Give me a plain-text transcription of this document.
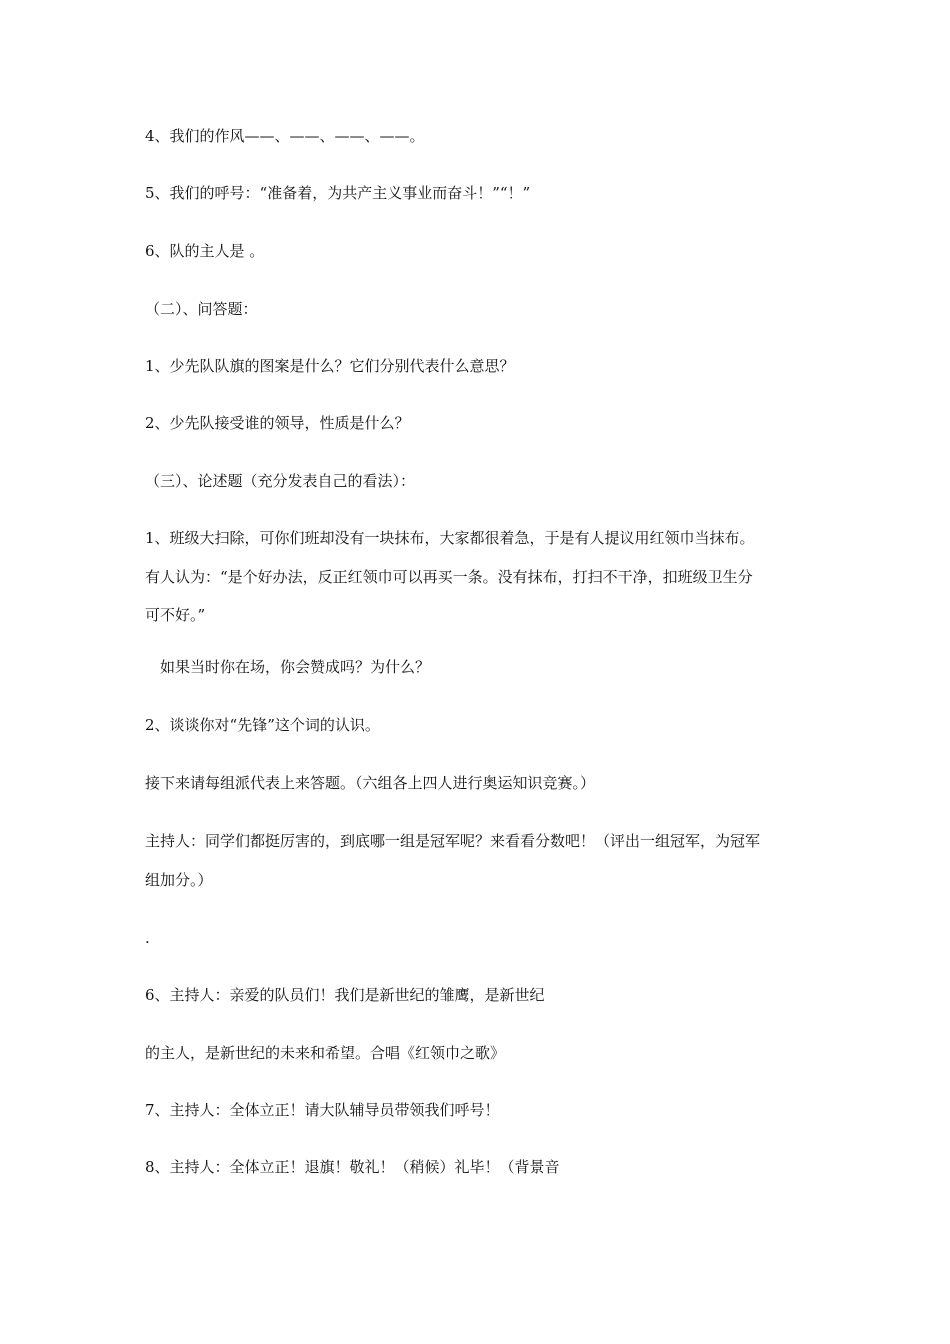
4、我们的作风——、——、——、——。
5、我们的呼号：“准备着，为共产主义事业而奋斗！”“！”
6、队的主人是 。
（二）、问答题：
1、少先队队旗的图案是什么？它们分别代表什么意思？
2、少先队接受谁的领导，性质是什么？
（三）、论述题（充分发表自己的看法）：
1、班级大扫除，可你们班却没有一块抹布，大家都很着急，于是有人提议用红领巾当抹布。
有人认为：“是个好办法，反正红领巾可以再买一条。没有抹布，打扫不干净，扣班级卫生分
可不好。”
如果当时你在场，你会赞成吗？为什么？
2、谈谈你对“先锋”这个词的认识。
接下来请每组派代表上来答题。（六组各上四人进行奥运知识竞赛。）
主持人：同学们都挺厉害的，到底哪一组是冠军呢？来看看分数吧！（评出一组冠军，为冠军
组加分。）
.
6、主持人：亲爱的队员们！我们是新世纪的雏鹰，是新世纪
的主人，是新世纪的未来和希望。合唱《红领巾之歌》
7、主持人：全体立正！请大队辅导员带领我们呼号！
8、主持人：全体立正！退旗！敬礼！（稍候）礼毕！（背景音
